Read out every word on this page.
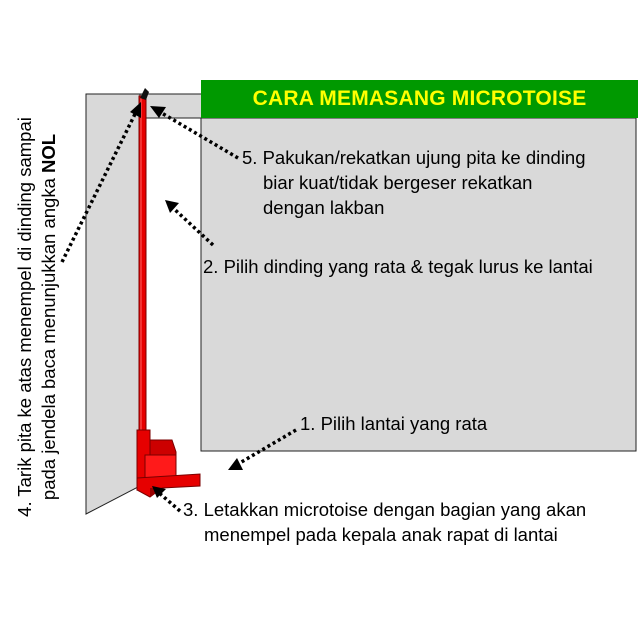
CARA MEMASANG MICROTOISE
5. Pakukan/rekatkan ujung pita ke dinding
biar kuat/tidak bergeser rekatkan
dengan lakban
2. Pilih dinding yang rata & tegak lurus ke lantai
1. Pilih lantai yang rata
3. Letakkan microtoise dengan bagian yang akan
menempel pada kepala anak rapat di lantai
4. Tarik pita ke atas menempel di dinding sampai pada jendela baca menunjukkan angka NOL
